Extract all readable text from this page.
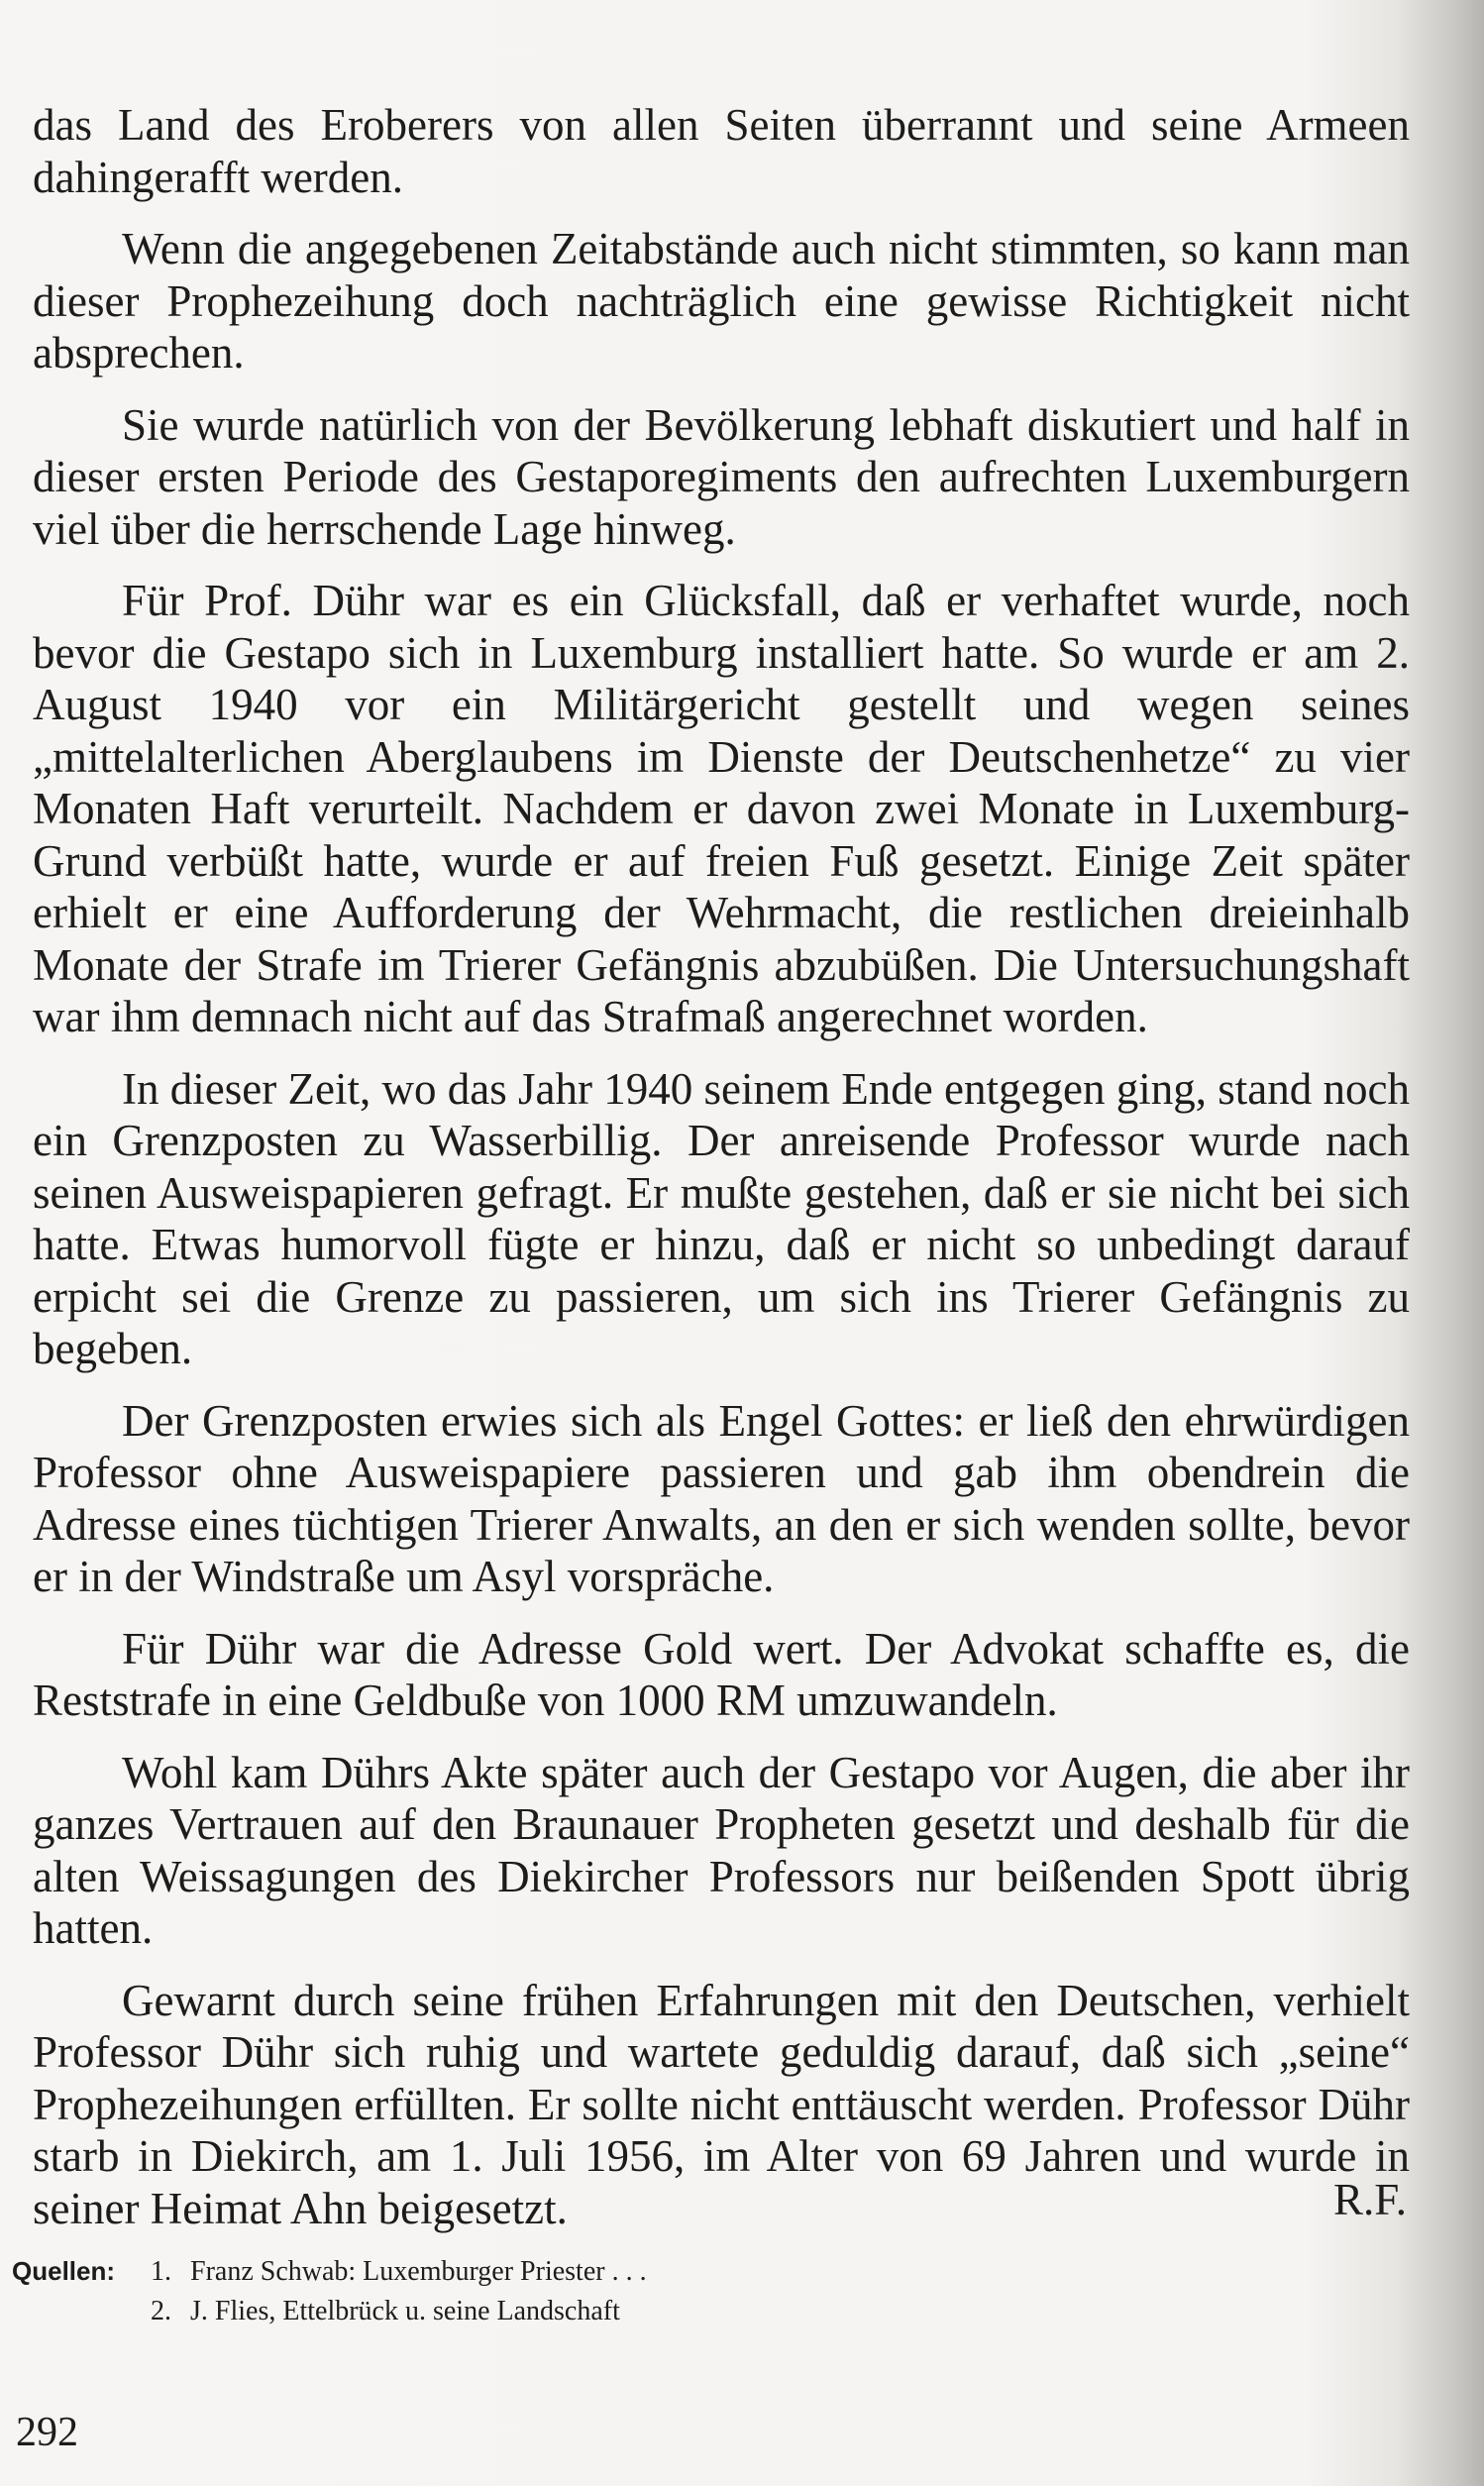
das Land des Eroberers von allen Seiten überrannt und seine Armeen dahingerafft werden.

Wenn die angegebenen Zeitabstände auch nicht stimmten, so kann man dieser Prophezeihung doch nachträglich eine gewisse Richtigkeit nicht absprechen.

Sie wurde natürlich von der Bevölkerung lebhaft diskutiert und half in dieser ersten Periode des Gestaporegiments den aufrechten Luxemburgern viel über die herrschende Lage hinweg.

Für Prof. Dühr war es ein Glücksfall, daß er verhaftet wurde, noch bevor die Gestapo sich in Luxemburg installiert hatte. So wurde er am 2. August 1940 vor ein Militärgericht gestellt und wegen seines „mittelalterlichen Aberglaubens im Dienste der Deutschenhetze“ zu vier Monaten Haft verurteilt. Nachdem er davon zwei Monate in Luxemburg-Grund verbüßt hatte, wurde er auf freien Fuß gesetzt. Einige Zeit später erhielt er eine Aufforderung der Wehrmacht, die restlichen dreieinhalb Monate der Strafe im Trierer Gefängnis abzubüßen. Die Untersuchungshaft war ihm demnach nicht auf das Strafmaß angerechnet worden.

In dieser Zeit, wo das Jahr 1940 seinem Ende entgegen ging, stand noch ein Grenzposten zu Wasserbillig. Der anreisende Professor wurde nach seinen Ausweispapieren gefragt. Er mußte gestehen, daß er sie nicht bei sich hatte. Etwas humorvoll fügte er hinzu, daß er nicht so unbedingt darauf erpicht sei die Grenze zu passieren, um sich ins Trierer Gefängnis zu begeben.

Der Grenzposten erwies sich als Engel Gottes: er ließ den ehrwürdigen Professor ohne Ausweispapiere passieren und gab ihm obendrein die Adresse eines tüchtigen Trierer Anwalts, an den er sich wenden sollte, bevor er in der Windstraße um Asyl vorspräche.

Für Dühr war die Adresse Gold wert. Der Advokat schaffte es, die Reststrafe in eine Geldbuße von 1000 RM umzuwandeln.

Wohl kam Dührs Akte später auch der Gestapo vor Augen, die aber ihr ganzes Vertrauen auf den Braunauer Propheten gesetzt und deshalb für die alten Weissagungen des Diekircher Professors nur beißenden Spott übrig hatten.

Gewarnt durch seine frühen Erfahrungen mit den Deutschen, verhielt Professor Dühr sich ruhig und wartete geduldig darauf, daß sich „seine“ Prophezeihungen erfüllten. Er sollte nicht enttäuscht werden. Professor Dühr starb in Diekirch, am 1. Juli 1956, im Alter von 69 Jahren und wurde in seiner Heimat Ahn beigesetzt.	R.F.
Quellen: 1. Franz Schwab: Luxemburger Priester . . .
2. J. Flies, Ettelbrück u. seine Landschaft
292
